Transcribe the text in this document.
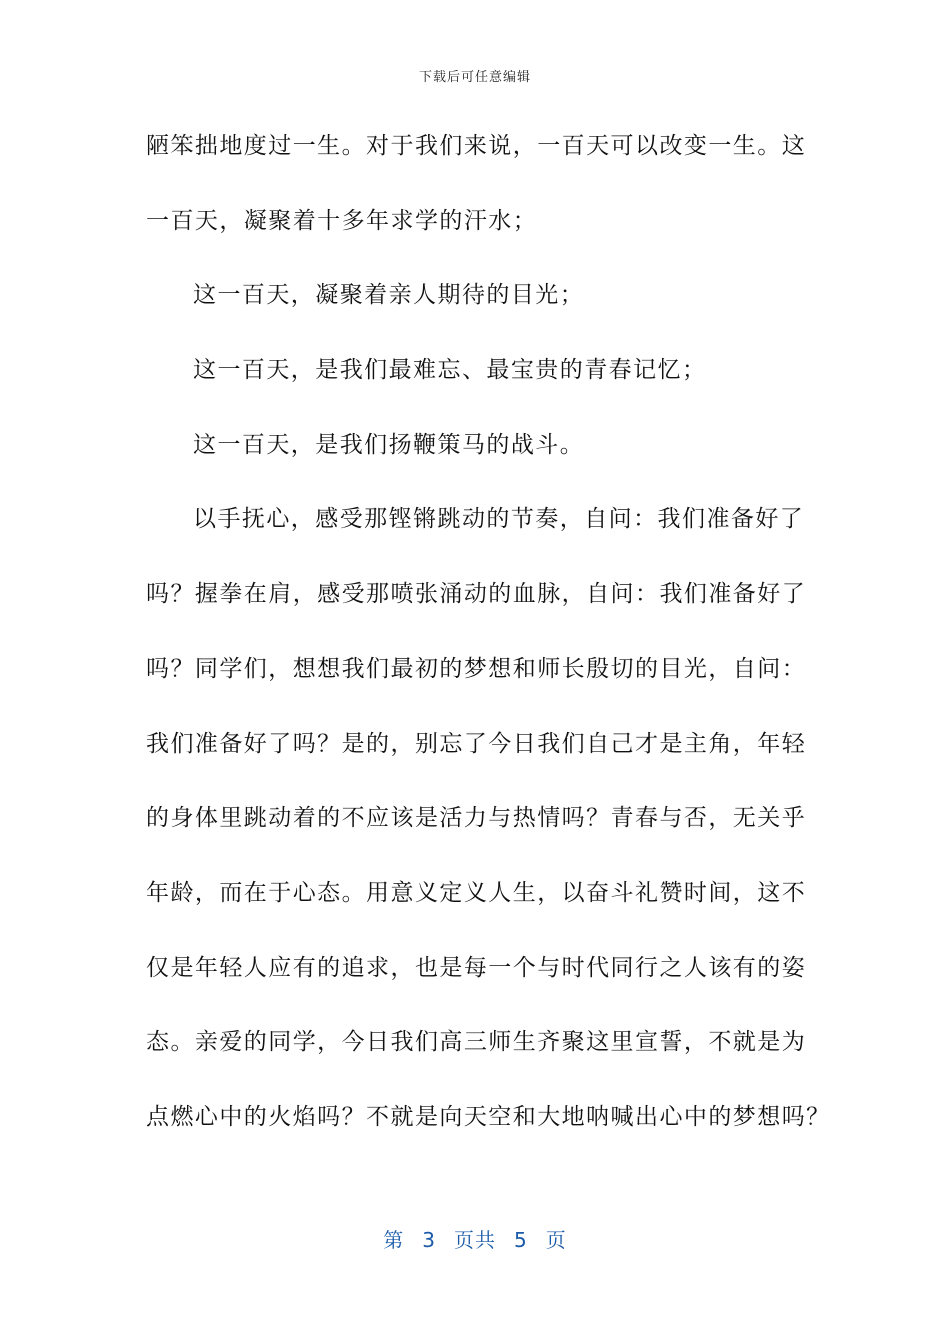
下载后可任意编辑
陋笨拙地度过一生。对于我们来说，一百天可以改变一生。这
一百天，凝聚着十多年求学的汗水；
这一百天，凝聚着亲人期待的目光；
这一百天，是我们最难忘、最宝贵的青春记忆；
这一百天，是我们扬鞭策马的战斗。
以手抚心，感受那铿锵跳动的节奏，自问：我们准备好了
吗？握拳在肩，感受那喷张涌动的血脉，自问：我们准备好了
吗？同学们，想想我们最初的梦想和师长殷切的目光，自问：
我们准备好了吗？是的，别忘了今日我们自己才是主角，年轻
的身体里跳动着的不应该是活力与热情吗？青春与否，无关乎
年龄，而在于心态。用意义定义人生，以奋斗礼赞时间，这不
仅是年轻人应有的追求，也是每一个与时代同行之人该有的姿
态。亲爱的同学，今日我们高三师生齐聚这里宣誓，不就是为
点燃心中的火焰吗？不就是向天空和大地呐喊出心中的梦想吗？
第 3 页共 5 页
